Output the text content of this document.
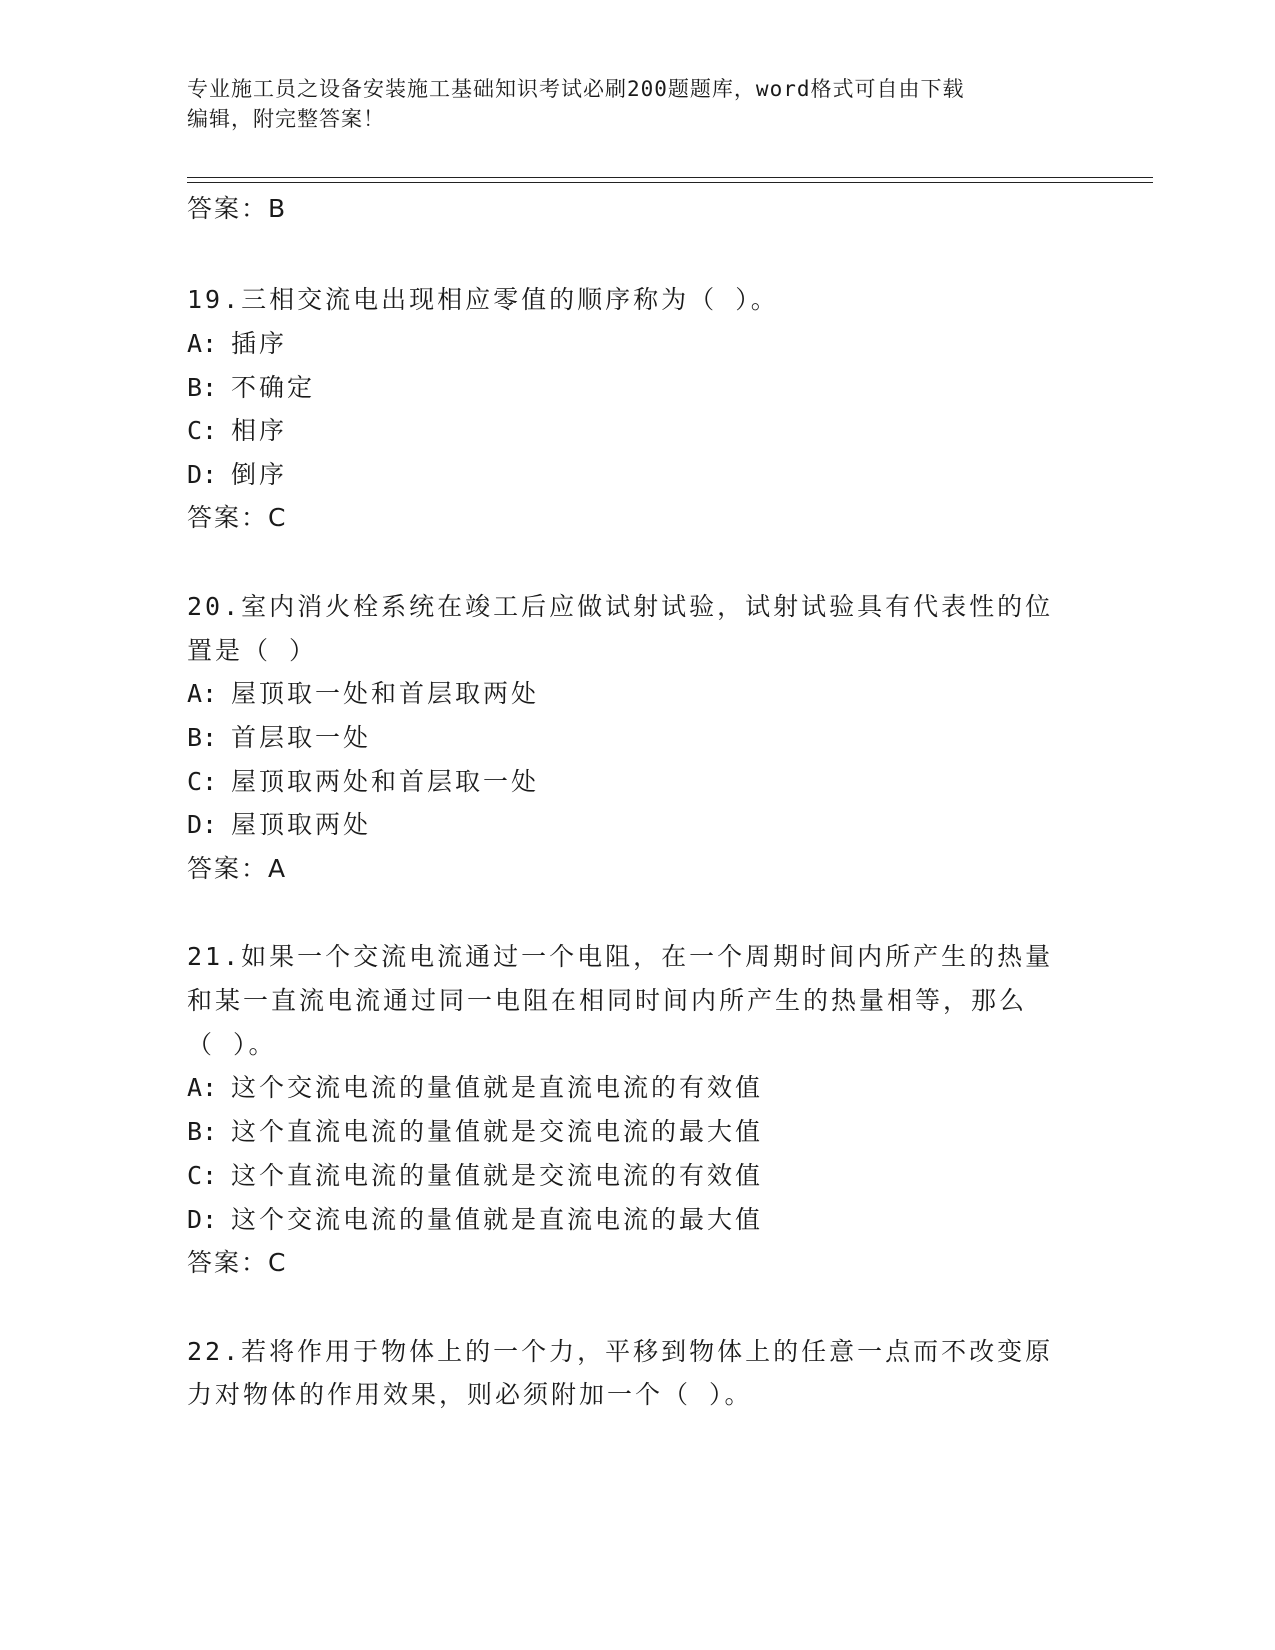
专业施工员之设备安装施工基础知识考试必刷200题题库，word格式可自由下载
编辑，附完整答案！
答案：B
19.三相交流电出现相应零值的顺序称为（ ）。
A: 插序
B: 不确定
C: 相序
D: 倒序
答案：C
20.室内消火栓系统在竣工后应做试射试验，试射试验具有代表性的位
置是（ ）
A: 屋顶取一处和首层取两处
B: 首层取一处
C: 屋顶取两处和首层取一处
D: 屋顶取两处
答案：A
21.如果一个交流电流通过一个电阻，在一个周期时间内所产生的热量
和某一直流电流通过同一电阻在相同时间内所产生的热量相等，那么
（ ）。
A: 这个交流电流的量值就是直流电流的有效值
B: 这个直流电流的量值就是交流电流的最大值
C: 这个直流电流的量值就是交流电流的有效值
D: 这个交流电流的量值就是直流电流的最大值
答案：C
22.若将作用于物体上的一个力，平移到物体上的任意一点而不改变原
力对物体的作用效果，则必须附加一个（ ）。
